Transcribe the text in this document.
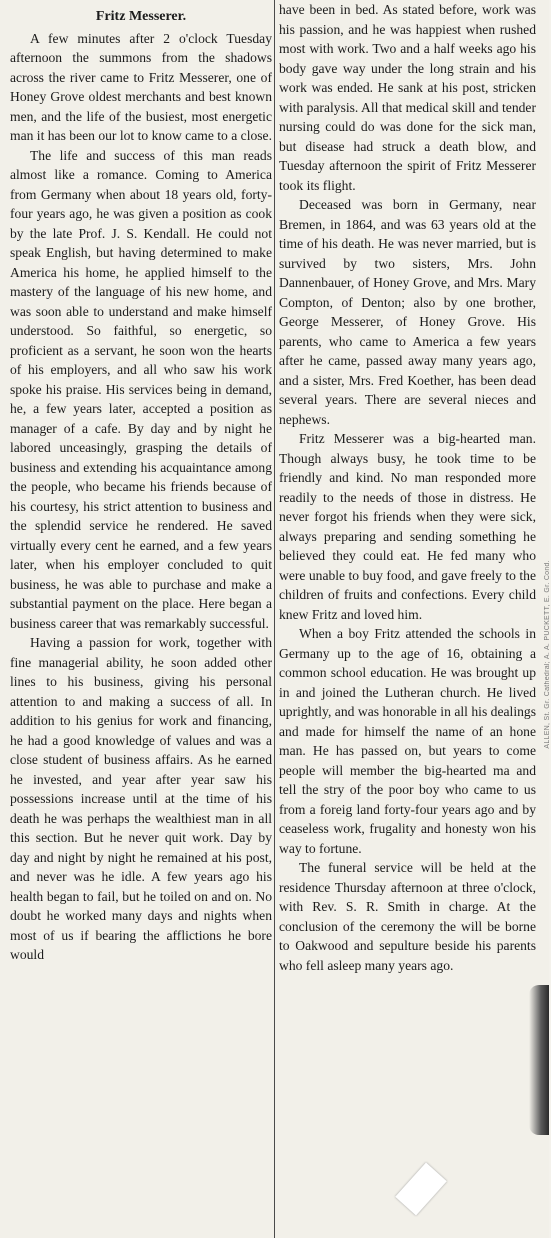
Fritz Messerer.

A few minutes after 2 o'clock Tuesday afternoon the summons from the shadows across the river came to Fritz Messerer, one of Honey Grove oldest merchants and best known men, and the life of the busiest, most energetic man it has been our lot to know came to a close.

The life and success of this man reads almost like a romance. Coming to America from Germany when about 18 years old, forty-four years ago, he was given a position as cook by the late Prof. J. S. Kendall. He could not speak English, but having determined to make America his home, he applied himself to the mastery of the language of his new home, and was soon able to understand and make himself understood. So faithful, so energetic, so proficient as a servant, he soon won the hearts of his employers, and all who saw his work spoke his praise. His services being in demand, he, a few years later, accepted a position as manager of a cafe. By day and by night he labored unceasingly, grasping the details of business and extending his acquaintance among the people, who became his friends because of his courtesy, his strict attention to business and the splendid service he rendered. He saved virtually every cent he earned, and a few years later, when his employer concluded to quit business, he was able to purchase and make a substantial payment on the place. Here began a business career that was remarkably successful.

Having a passion for work, together with fine managerial ability, he soon added other lines to his business, giving his personal attention to and making a success of all. In addition to his genius for work and financing, he had a good knowledge of values and was a close student of business affairs. As he earned he invested, and year after year saw his possessions increase until at the time of his death he was perhaps the wealthiest man in all this section. But he never quit work. Day by day and night by night he remained at his post, and never was he idle. A few years ago his health began to fail, but he toiled on and on. No doubt he worked many days and nights when most of us if bearing the afflictions he bore would

have been in bed. As stated before, work was his passion, and he was happiest when rushed most with work. Two and a half weeks ago his body gave way under the long strain and his work was ended. He sank at his post, stricken with paralysis. All that medical skill and tender nursing could do was done for the sick man, but disease had struck a death blow, and Tuesday afternoon the spirit of Fritz Messerer took its flight.

Deceased was born in Germany, near Bremen, in 1864, and was 63 years old at the time of his death. He was never married, but is survived by two sisters, Mrs. John Dannenbauer, of Honey Grove, and Mrs. Mary Compton, of Denton; also by one brother, George Messerer, of Honey Grove. His parents, who came to America a few years after he came, passed away many years ago, and a sister, Mrs. Fred Koether, has been dead several years. There are several nieces and nephews.

Fritz Messerer was a big-hearted man. Though always busy, he took time to be friendly and kind. No man responded more readily to the needs of those in distress. He never forgot his friends when they were sick, always preparing and sending something he believed they could eat. He fed many who were unable to buy food, and gave freely to the children of fruits and confections. Every child knew Fritz and loved him.

When a boy Fritz attended the schools in Germany up to the age of 16, obtaining a common school education. He was brought up in and joined the Lutheran church. He lived uprightly, and was honorable in all his dealings and made for himself the name of an hone man. He has passed on, but years to come people will member the big-hearted ma and tell the stry of the poor boy who came to us from a foreig land forty-four years ago and by ceaseless work, frugality and honesty won his way to fortune.

The funeral service will be held at the residence Thursday afternoon at three o'clock, with Rev. S. R. Smith in charge. At the conclusion of the ceremony the will be borne to Oakwood and sepulture beside his parents who fell asleep many years ago.

ALLEN, St. Gr. Cathedral; A. A. PUCKETT, E. Gr. Cond.
